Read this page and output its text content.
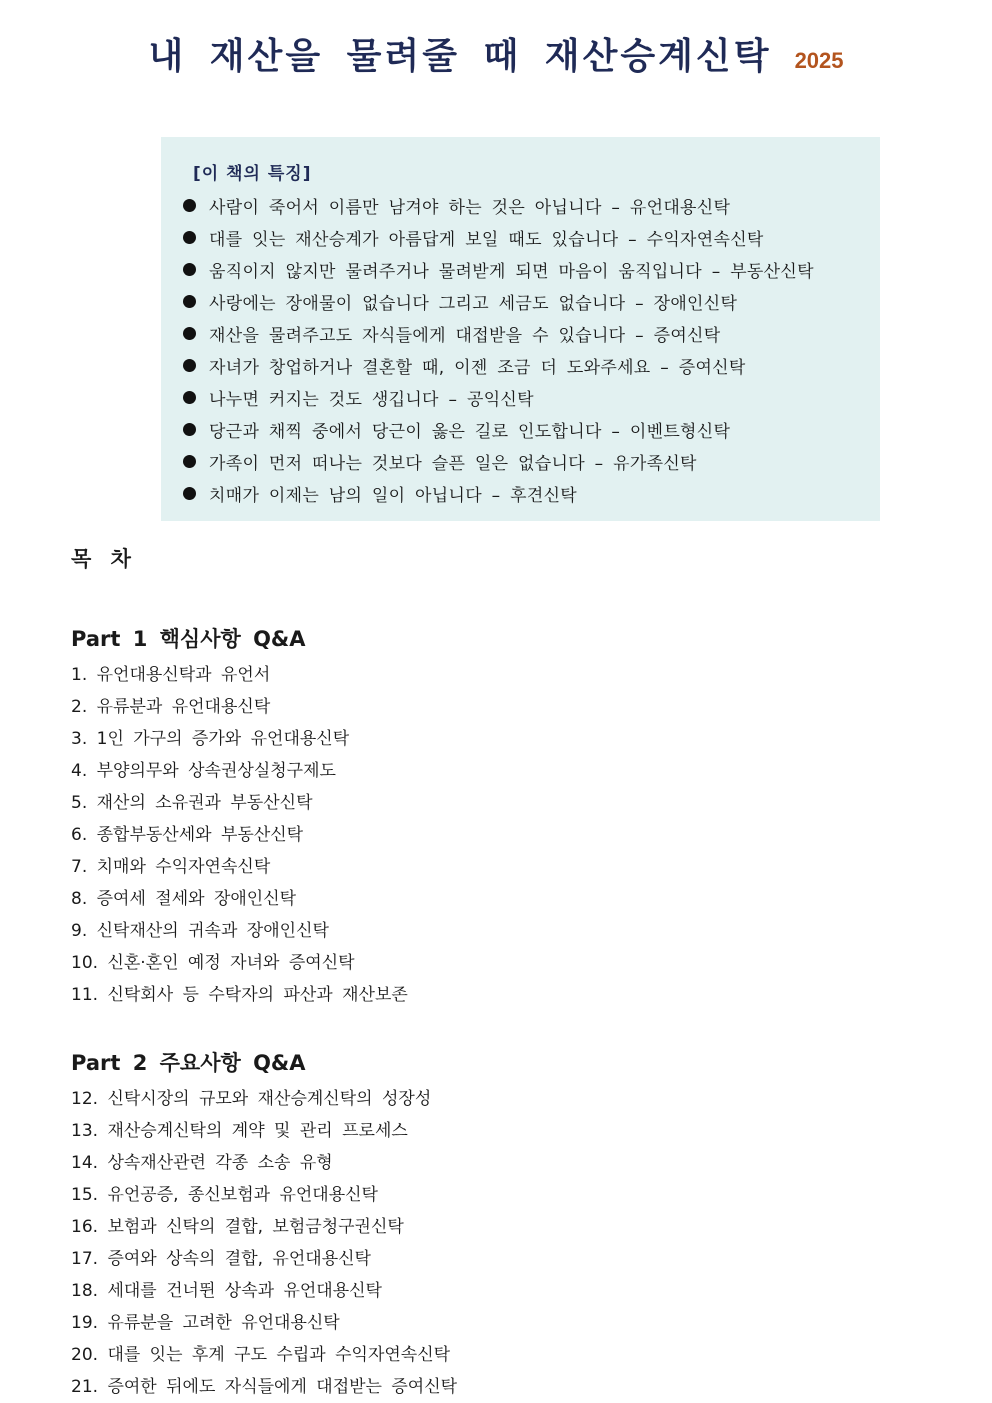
내 재산을 물려줄 때 재산승계신탁 2025
[이 책의 특징]
사람이 죽어서 이름만 남겨야 하는 것은 아닙니다 – 유언대용신탁
대를 잇는 재산승계가 아름답게 보일 때도 있습니다 – 수익자연속신탁
움직이지 않지만 물려주거나 물려받게 되면 마음이 움직입니다 – 부동산신탁
사랑에는 장애물이 없습니다 그리고 세금도 없습니다 – 장애인신탁
재산을 물려주고도 자식들에게 대접받을 수 있습니다 – 증여신탁
자녀가 창업하거나 결혼할 때, 이젠 조금 더 도와주세요 – 증여신탁
나누면 커지는 것도 생깁니다 – 공익신탁
당근과 채찍 중에서 당근이 옳은 길로 인도합니다 – 이벤트형신탁
가족이 먼저 떠나는 것보다 슬픈 일은 없습니다 – 유가족신탁
치매가 이제는 남의 일이 아닙니다 – 후견신탁
목 차
Part 1 핵심사항 Q&A
1. 유언대용신탁과 유언서
2. 유류분과 유언대용신탁
3. 1인 가구의 증가와 유언대용신탁
4. 부양의무와 상속권상실청구제도
5. 재산의 소유권과 부동산신탁
6. 종합부동산세와 부동산신탁
7. 치매와 수익자연속신탁
8. 증여세 절세와 장애인신탁
9. 신탁재산의 귀속과 장애인신탁
10. 신혼·혼인 예정 자녀와 증여신탁
11. 신탁회사 등 수탁자의 파산과 재산보존
Part 2 주요사항 Q&A
12. 신탁시장의 규모와 재산승계신탁의 성장성
13. 재산승계신탁의 계약 및 관리 프로세스
14. 상속재산관련 각종 소송 유형
15. 유언공증, 종신보험과 유언대용신탁
16. 보험과 신탁의 결합, 보험금청구권신탁
17. 증여와 상속의 결합, 유언대용신탁
18. 세대를 건너뛴 상속과 유언대용신탁
19. 유류분을 고려한 유언대용신탁
20. 대를 잇는 후계 구도 수립과 수익자연속신탁
21. 증여한 뒤에도 자식들에게 대접받는 증여신탁
